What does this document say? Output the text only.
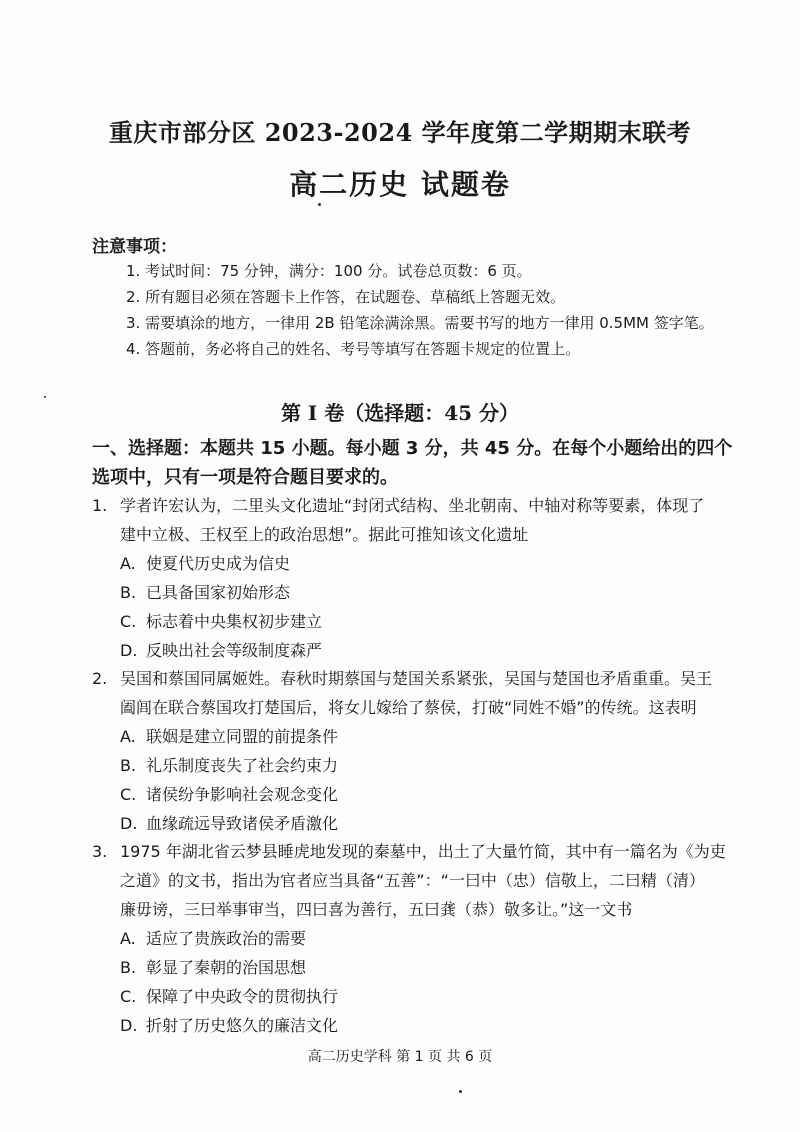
重庆市部分区 2023-2024 学年度第二学期期末联考
高二历史 试题卷
注意事项：
1. 考试时间：75 分钟，满分：100 分。试卷总页数：6 页。
2. 所有题目必须在答题卡上作答，在试题卷、草稿纸上答题无效。
3. 需要填涂的地方，一律用 2B 铅笔涂满涂黑。需要书写的地方一律用 0.5MM 签字笔。
4. 答题前，务必将自己的姓名、考号等填写在答题卡规定的位置上。
第 I 卷（选择题：45 分）
一、选择题：本题共 15 小题。每小题 3 分，共 45 分。在每个小题给出的四个
选项中，只有一项是符合题目要求的。
1. 学者许宏认为，二里头文化遗址“封闭式结构、坐北朝南、中轴对称等要素，体现了
建中立极、王权至上的政治思想”。据此可推知该文化遗址
A. 使夏代历史成为信史
B. 已具备国家初始形态
C. 标志着中央集权初步建立
D. 反映出社会等级制度森严
2. 吴国和蔡国同属姬姓。春秋时期蔡国与楚国关系紧张，吴国与楚国也矛盾重重。吴王
阖闾在联合蔡国攻打楚国后，将女儿嫁给了蔡侯，打破“同姓不婚”的传统。这表明
A. 联姻是建立同盟的前提条件
B. 礼乐制度丧失了社会约束力
C. 诸侯纷争影响社会观念变化
D. 血缘疏远导致诸侯矛盾激化
3. 1975 年湖北省云梦县睡虎地发现的秦墓中，出土了大量竹简，其中有一篇名为《为吏
之道》的文书，指出为官者应当具备“五善”：“一曰中（忠）信敬上，二曰精（清）
廉毋谤，三曰举事审当，四曰喜为善行，五曰龚（恭）敬多让。”这一文书
A. 适应了贵族政治的需要
B. 彰显了秦朝的治国思想
C. 保障了中央政令的贯彻执行
D. 折射了历史悠久的廉洁文化
高二历史学科 第 1 页 共 6 页
